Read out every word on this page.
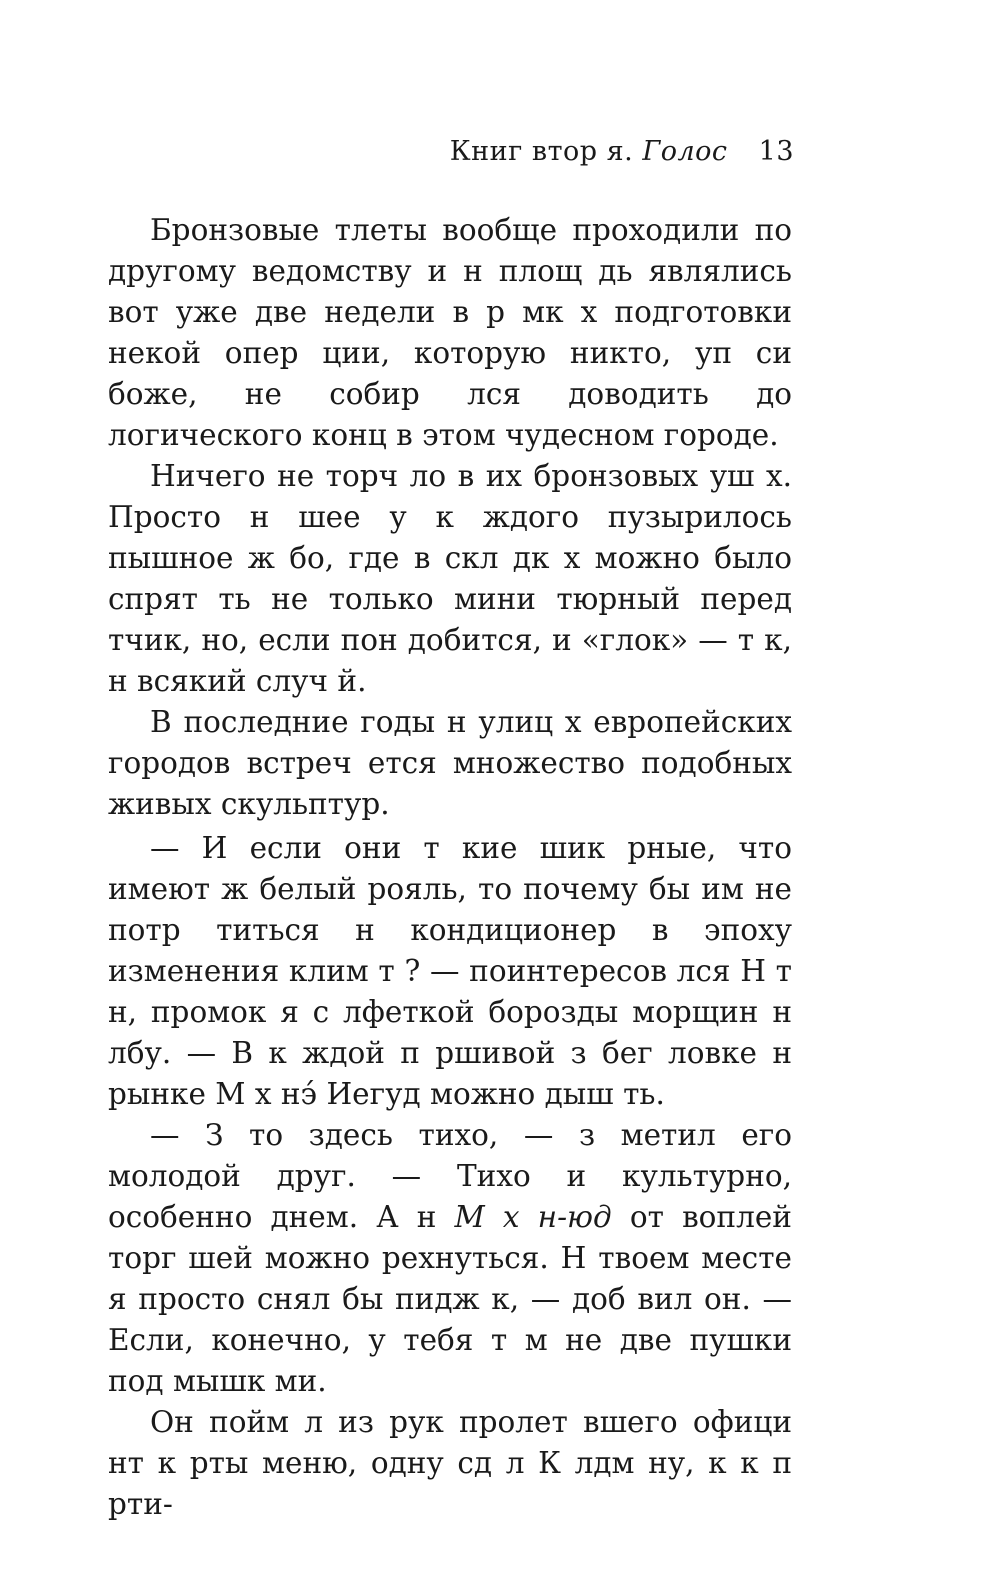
Книг втор я. Голос 13

Бронзовые тлеты вообще проходили по другому ведомству и н площ дь являлись вот уже две недели в р мк х подготовки некой опер ции, которую никто, уп си боже, не собир лся доводить до логического конц в этом чудесном городе.

Ничего не торч ло в их бронзовых уш х. Просто н шее у к ждого пузырилось пышное ж бо, где в скл дк х можно было спрят ть не только мини тюрный перед тчик, но, если пон добится, и «глок» — т к, н всякий случ й.

В последние годы н улиц х европейских городов встреч ется множество подобных живых скульптур.

— И если они т кие шик рные, что имеют ж белый рояль, то почему бы им не потр титься н кондиционер в эпоху изменения клим т ? — поинтересов лся Н т н, промок я с лфеткой борозды морщин н лбу. — В к ждой п ршивой з бег ловке н рынке М х нэ́ Иегуд можно дыш ть.

— З то здесь тихо, — з метил его молодой друг. — Тихо и культурно, особенно днем. А н М х н-юд от воплей торг шей можно рехнуться. Н твоем месте я просто снял бы пидж к, — доб вил он. — Если, конечно, у тебя т м не две пушки под мышк ми.

Он пойм л из рук пролет вшего офици нт к рты меню, одну сд л К лдм ну, к к п рти-
